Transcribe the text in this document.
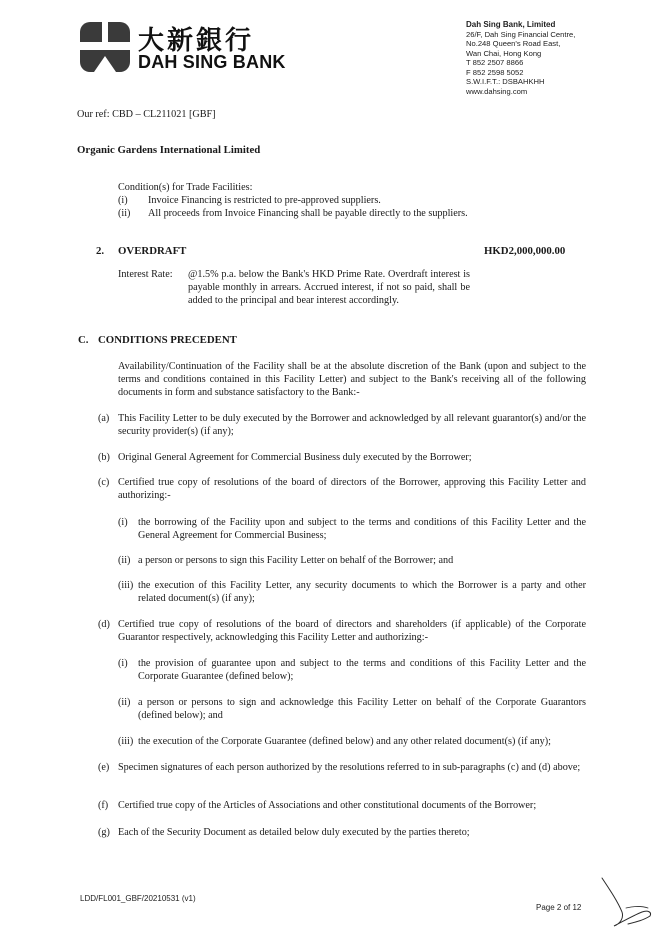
大新銀行
DAH SING BANK
Dah Sing Bank, Limited
26/F, Dah Sing Financial Centre,
No.248 Queen's Road East,
Wan Chai, Hong Kong
T 852 2507 8866
F 852 2598 5052
S.W.I.F.T.: DSBAHKHH
www.dahsing.com
Our ref: CBD – CL211021 [GBF]
Organic Gardens International Limited
Condition(s) for Trade Facilities:
(i) Invoice Financing is restricted to pre-approved suppliers.
(ii) All proceeds from Invoice Financing shall be payable directly to the suppliers.
2. OVERDRAFT	HKD2,000,000.00
Interest Rate: @1.5% p.a. below the Bank's HKD Prime Rate. Overdraft interest is payable monthly in arrears. Accrued interest, if not so paid, shall be added to the principal and bear interest accordingly.
C. CONDITIONS PRECEDENT
Availability/Continuation of the Facility shall be at the absolute discretion of the Bank (upon and subject to the terms and conditions contained in this Facility Letter) and subject to the Bank's receiving all of the following documents in form and substance satisfactory to the Bank:-
(a) This Facility Letter to be duly executed by the Borrower and acknowledged by all relevant guarantor(s) and/or the security provider(s) (if any);
(b) Original General Agreement for Commercial Business duly executed by the Borrower;
(c) Certified true copy of resolutions of the board of directors of the Borrower, approving this Facility Letter and authorizing:-
(i) the borrowing of the Facility upon and subject to the terms and conditions of this Facility Letter and the General Agreement for Commercial Business;
(ii) a person or persons to sign this Facility Letter on behalf of the Borrower; and
(iii) the execution of this Facility Letter, any security documents to which the Borrower is a party and other related document(s) (if any);
(d) Certified true copy of resolutions of the board of directors and shareholders (if applicable) of the Corporate Guarantor respectively, acknowledging this Facility Letter and authorizing:-
(i) the provision of guarantee upon and subject to the terms and conditions of this Facility Letter and the Corporate Guarantee (defined below);
(ii) a person or persons to sign and acknowledge this Facility Letter on behalf of the Corporate Guarantors (defined below); and
(iii) the execution of the Corporate Guarantee (defined below) and any other related document(s) (if any);
(e) Specimen signatures of each person authorized by the resolutions referred to in sub-paragraphs (c) and (d) above;
(f) Certified true copy of the Articles of Associations and other constitutional documents of the Borrower;
(g) Each of the Security Document as detailed below duly executed by the parties thereto;
LDD/FL001_GBF/20210531 (v1)
Page 2 of 12
